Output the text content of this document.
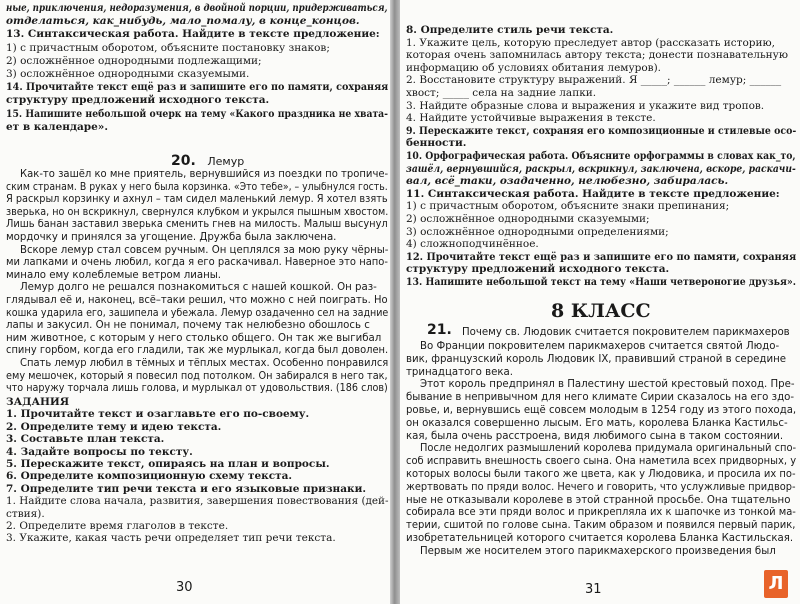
20. Лемур
8 КЛАСС
30	31	Л
ные, приключения, недоразумения, в двойной порции, придерживаться,
отделаться, как_нибудь, мало_помалу, в конце_концов.
13. Синтаксическая работа. Найдите в тексте предложение:
1) с причастным оборотом, объясните постановку знаков;
2) осложнённое однородными подлежащими;
3) осложнённое однородными сказуемыми.
14. Прочитайте текст ещё раз и запишите его по памяти, сохраняя
структуру предложений исходного текста.
15. Напишите небольшой очерк на тему «Какого праздника не хвата-
ет в календаре».
Как-то зашёл ко мне приятель, вернувшийся из поездки по тропиче-
ским странам. В руках у него была корзинка. «Это тебе», – улыбнулся гость.
Я раскрыл корзинку и ахнул – там сидел маленький лемур. Я хотел взять
зверька, но он вскрикнул, свернулся клубком и укрылся пышным хвостом.
Лишь банан заставил зверька сменить гнев на милость. Малыш высунул
мордочку и принялся за угощение. Дружба была заключена.
Вскоре лемур стал совсем ручным. Он цеплялся за мою руку чёрны-
ми лапками и очень любил, когда я его раскачивал. Наверное это напо-
минало ему колеблемые ветром лианы.
Лемур долго не решался познакомиться с нашей кошкой. Он раз-
глядывал её и, наконец, всё–таки решил, что можно с ней поиграть. Но
кошка ударила его, зашипела и убежала. Лемур озадаченно сел на задние
лапы и закусил. Он не понимал, почему так нелюбезно обошлось с
ним животное, с которым у него столько общего. Он так же выгибал
спину горбом, когда его гладили, так же мурлыкал, когда был доволен.
Спать лемур любил в тёмных и тёплых местах. Особенно понравился
ему мешочек, который я повесил под потолком. Он забирался в него так,
что наружу торчала лишь голова, и мурлыкал от удовольствия. (186 слов)
ЗАДАНИЯ
1. Прочитайте текст и озаглавьте его по-своему.
2. Определите тему и идею текста.
3. Составьте план текста.
4. Задайте вопросы по тексту.
5. Перескажите текст, опираясь на план и вопросы.
6. Определите композиционную схему текста.
7. Определите тип речи текста и его языковые признаки.
1. Найдите слова начала, развития, завершения повествования (дей-
ствия).
2. Определите время глаголов в тексте.
3. Укажите, какая часть речи определяет тип речи текста.
8. Определите стиль речи текста.
1. Укажите цель, которую преследует автор (рассказать историю,
которая очень запомнилась автору текста; донести познавательную
информацию об условиях обитания лемуров).
2. Восстановите структуру выражений. Я _____; ______ лемур; ______
хвост; _____ села на задние лапки.
3. Найдите образные слова и выражения и укажите вид тропов.
4. Найдите устойчивые выражения в тексте.
9. Перескажите текст, сохраняя его композиционные и стилевые осо-
бенности.
10. Орфографическая работа. Объясните орфограммы в словах как_то,
зашёл, вернувшийся, раскрыл, вскрикнул, заключена, вскоре, раскачи-
вал, всё_таки, озадаченно, нелюбезно, забиралась.
11. Синтаксическая работа. Найдите в тексте предложение:
1) с причастным оборотом, объясните знаки препинания;
2) осложнённое однородными сказуемыми;
3) осложнённое однородными определениями;
4) сложноподчинённое.
12. Прочитайте текст ещё раз и запишите его по памяти, сохраняя
структуру предложений исходного текста.
13. Напишите небольшой текст на тему «Наши четвероногие друзья».
21. Почему св. Людовик считается покровителем парикмахеров
Во Франции покровителем парикмахеров считается святой Людо-
вик, французский король Людовик IX, правивший страной в середине
тринадцатого века.
Этот король предпринял в Палестину шестой крестовый поход. Пре-
бывание в непривычном для него климате Сирии сказалось на его здо-
ровье, и, вернувшись ещё совсем молодым в 1254 году из этого похода,
он оказался совершенно лысым. Его мать, королева Бланка Кастильс-
кая, была очень расстроена, видя любимого сына в таком состоянии.
После недолгих размышлений королева придумала оригинальный спо-
соб исправить внешность своего сына. Она наметила всех придворных, у
которых волосы были такого же цвета, как у Людовика, и просила их по-
жертвовать по пряди волос. Нечего и говорить, что услужливые придвор-
ные не отказывали королеве в этой странной просьбе. Она тщательно
собирала все эти пряди волос и прикрепляла их к шапочке из тонкой ма-
терии, сшитой по голове сына. Таким образом и появился первый парик,
изобретательницей которого считается королева Бланка Кастильская.
Первым же носителем этого парикмахерского произведения был
